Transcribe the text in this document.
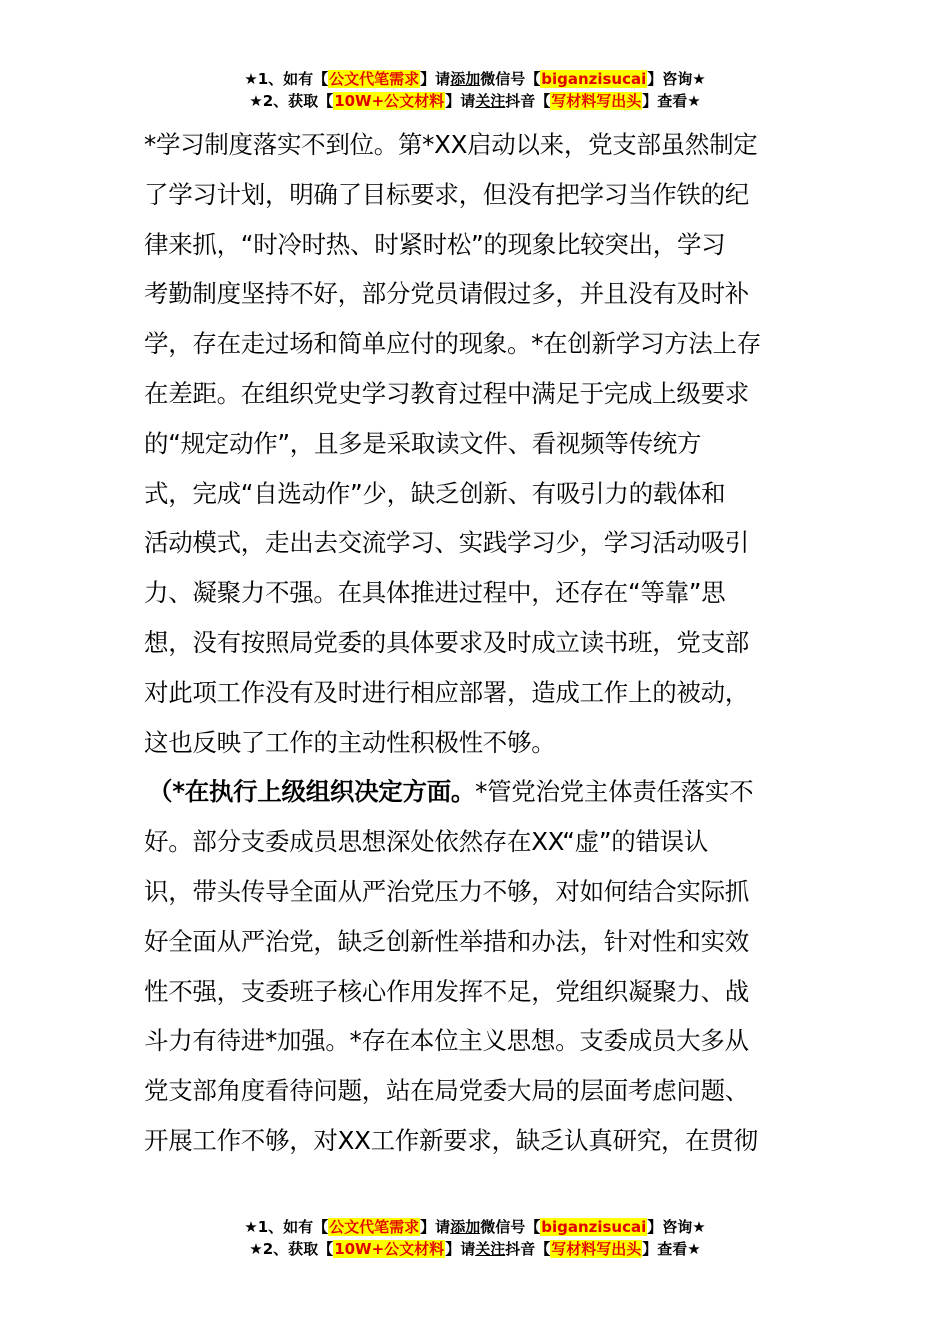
★1、如有【公文代笔需求】请添加微信号【biganzisucai】咨询★
★2、获取【10W+公文材料】请关注抖音【写材料写出头】查看★
*学习制度落实不到位。第*XX启动以来，党支部虽然制定
了学习计划，明确了目标要求，但没有把学习当作铁的纪
律来抓，“时冷时热、时紧时松”的现象比较突出，学习
考勤制度坚持不好，部分党员请假过多，并且没有及时补
学，存在走过场和简单应付的现象。*在创新学习方法上存
在差距。在组织党史学习教育过程中满足于完成上级要求
的“规定动作”，且多是采取读文件、看视频等传统方
式，完成“自选动作”少，缺乏创新、有吸引力的载体和
活动模式，走出去交流学习、实践学习少，学习活动吸引
力、凝聚力不强。在具体推进过程中，还存在“等靠”思
想，没有按照局党委的具体要求及时成立读书班，党支部
对此项工作没有及时进行相应部署，造成工作上的被动，
这也反映了工作的主动性积极性不够。
（*在执行上级组织决定方面。*管党治党主体责任落实不
好。部分支委成员思想深处依然存在XX“虚”的错误认
识，带头传导全面从严治党压力不够，对如何结合实际抓
好全面从严治党，缺乏创新性举措和办法，针对性和实效
性不强，支委班子核心作用发挥不足，党组织凝聚力、战
斗力有待进*加强。*存在本位主义思想。支委成员大多从
党支部角度看待问题，站在局党委大局的层面考虑问题、
开展工作不够，对XX工作新要求，缺乏认真研究，在贯彻
★1、如有【公文代笔需求】请添加微信号【biganzisucai】咨询★
★2、获取【10W+公文材料】请关注抖音【写材料写出头】查看★
